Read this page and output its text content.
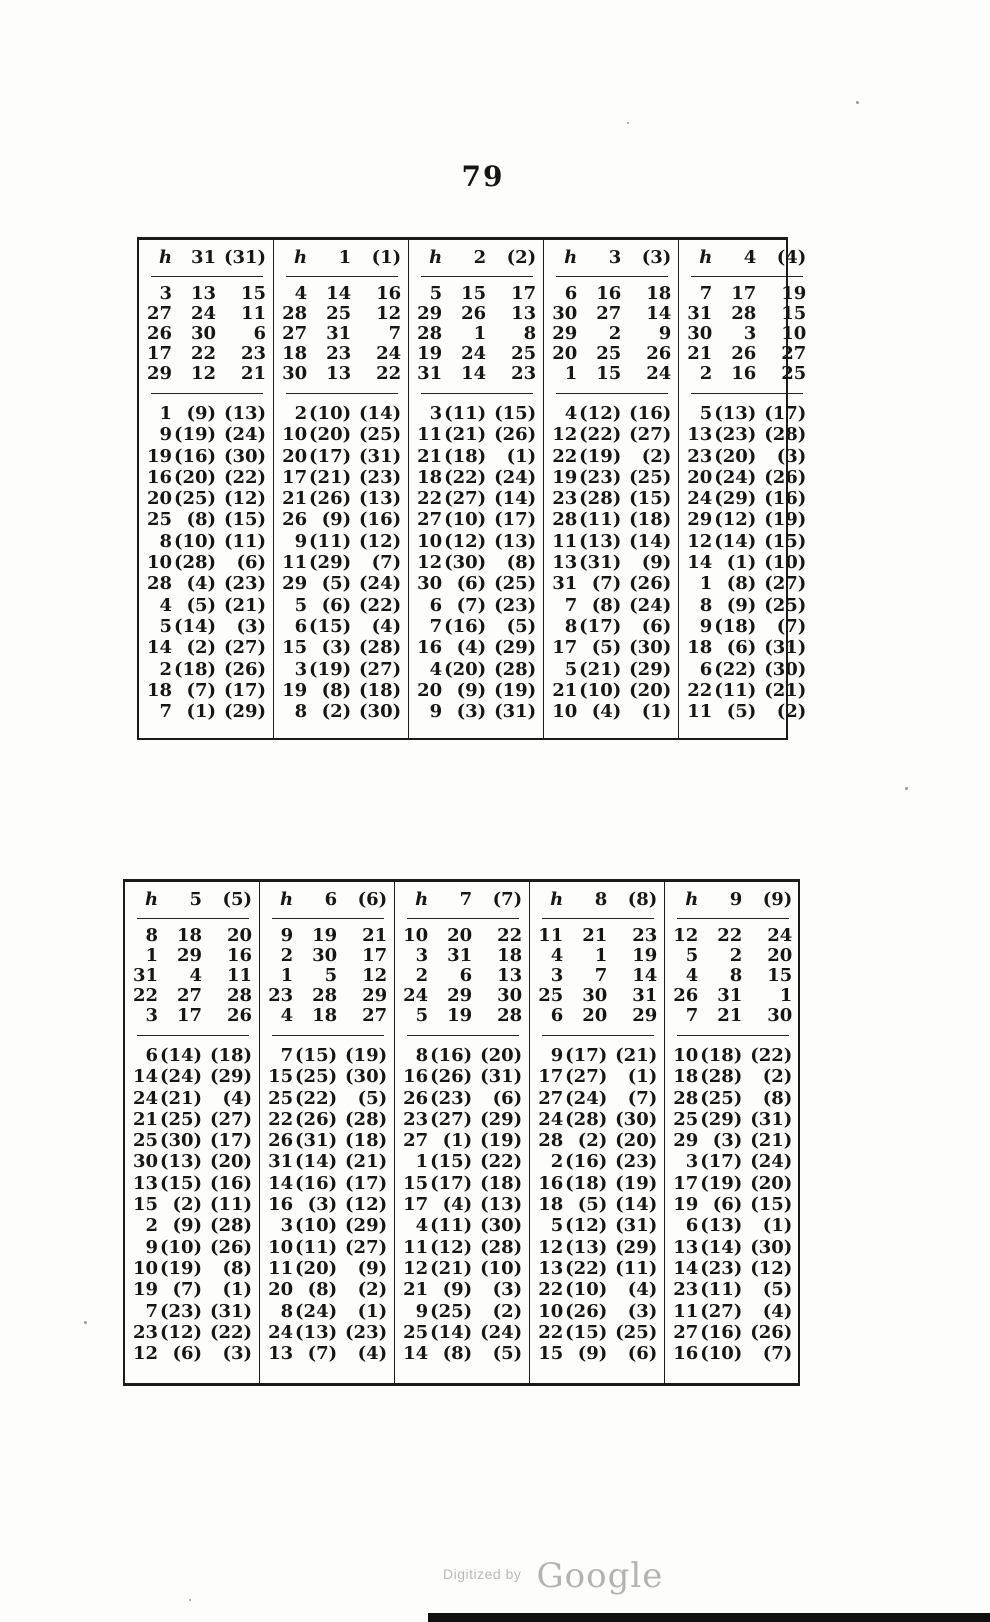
79
h 31 (31)
3 13 15
27 24 11
26 30 6
17 22 23
29 12 21
1 (9) (13)
9 (19) (24)
19 (16) (30)
16 (20) (22)
20 (25) (12)
25 (8) (15)
8 (10) (11)
10 (28) (6)
28 (4) (23)
4 (5) (21)
5 (14) (3)
14 (2) (27)
2 (18) (26)
18 (7) (17)
7 (1) (29)
h 1 (1)
4 14 16
28 25 12
27 31 7
18 23 24
30 13 22
2 (10) (14)
10 (20) (25)
20 (17) (31)
17 (21) (23)
21 (26) (13)
26 (9) (16)
9 (11) (12)
11 (29) (7)
29 (5) (24)
5 (6) (22)
6 (15) (4)
15 (3) (28)
3 (19) (27)
19 (8) (18)
8 (2) (30)
h 2 (2)
5 15 17
29 26 13
28 1 8
19 24 25
31 14 23
3 (11) (15)
11 (21) (26)
21 (18) (1)
18 (22) (24)
22 (27) (14)
27 (10) (17)
10 (12) (13)
12 (30) (8)
30 (6) (25)
6 (7) (23)
7 (16) (5)
16 (4) (29)
4 (20) (28)
20 (9) (19)
9 (3) (31)
h 3 (3)
6 16 18
30 27 14
29 2 9
20 25 26
1 15 24
4 (12) (16)
12 (22) (27)
22 (19) (2)
19 (23) (25)
23 (28) (15)
28 (11) (18)
11 (13) (14)
13 (31) (9)
31 (7) (26)
7 (8) (24)
8 (17) (6)
17 (5) (30)
5 (21) (29)
21 (10) (20)
10 (4) (1)
h 4 (4)
7 17 19
31 28 15
30 3 10
21 26 27
2 16 25
5 (13) (17)
13 (23) (28)
23 (20) (3)
20 (24) (26)
24 (29) (16)
29 (12) (19)
12 (14) (15)
14 (1) (10)
1 (8) (27)
8 (9) (25)
9 (18) (7)
18 (6) (31)
6 (22) (30)
22 (11) (21)
11 (5) (2)
h 5 (5)
8 18 20
1 29 16
31 4 11
22 27 28
3 17 26
6 (14) (18)
14 (24) (29)
24 (21) (4)
21 (25) (27)
25 (30) (17)
30 (13) (20)
13 (15) (16)
15 (2) (11)
2 (9) (28)
9 (10) (26)
10 (19) (8)
19 (7) (1)
7 (23) (31)
23 (12) (22)
12 (6) (3)
h 6 (6)
9 19 21
2 30 17
1 5 12
23 28 29
4 18 27
7 (15) (19)
15 (25) (30)
25 (22) (5)
22 (26) (28)
26 (31) (18)
31 (14) (21)
14 (16) (17)
16 (3) (12)
3 (10) (29)
10 (11) (27)
11 (20) (9)
20 (8) (2)
8 (24) (1)
24 (13) (23)
13 (7) (4)
h 7 (7)
10 20 22
3 31 18
2 6 13
24 29 30
5 19 28
8 (16) (20)
16 (26) (31)
26 (23) (6)
23 (27) (29)
27 (1) (19)
1 (15) (22)
15 (17) (18)
17 (4) (13)
4 (11) (30)
11 (12) (28)
12 (21) (10)
21 (9) (3)
9 (25) (2)
25 (14) (24)
14 (8) (5)
h 8 (8)
11 21 23
4 1 19
3 7 14
25 30 31
6 20 29
9 (17) (21)
17 (27) (1)
27 (24) (7)
24 (28) (30)
28 (2) (20)
2 (16) (23)
16 (18) (19)
18 (5) (14)
5 (12) (31)
12 (13) (29)
13 (22) (11)
22 (10) (4)
10 (26) (3)
22 (15) (25)
15 (9) (6)
h 9 (9)
12 22 24
5 2 20
4 8 15
26 31 1
7 21 30
10 (18) (22)
18 (28) (2)
28 (25) (8)
25 (29) (31)
29 (3) (21)
3 (17) (24)
17 (19) (20)
19 (6) (15)
6 (13) (1)
13 (14) (30)
14 (23) (12)
23 (11) (5)
11 (27) (4)
27 (16) (26)
16 (10) (7)
Digitized by Google
